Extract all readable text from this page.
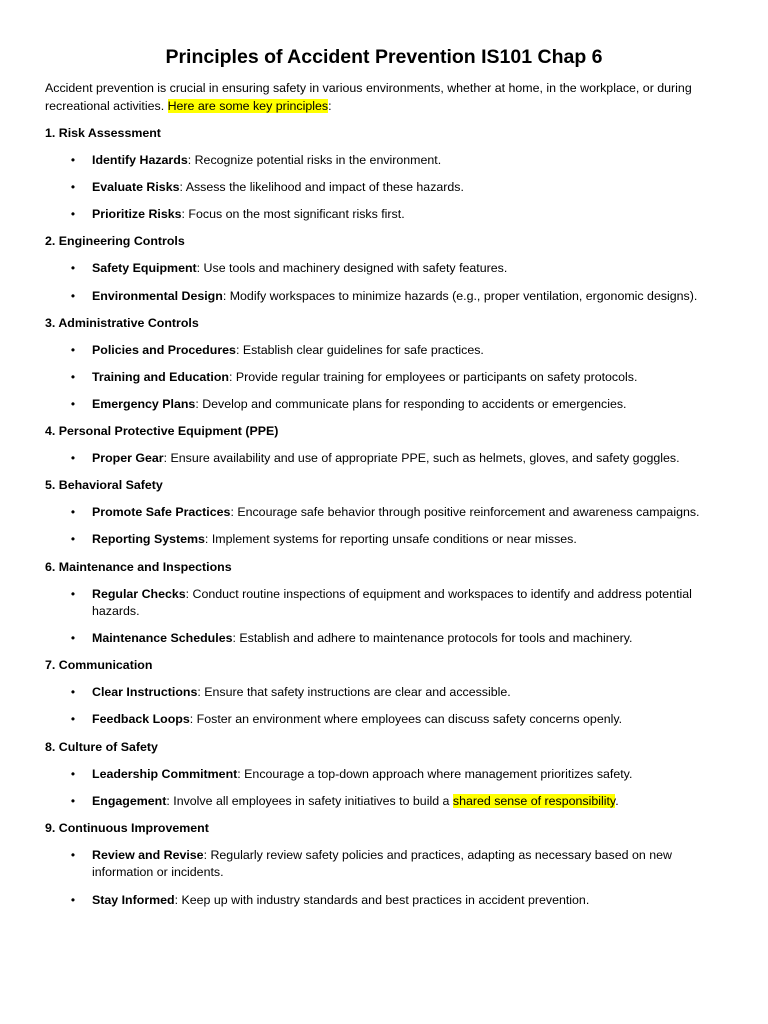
Principles of Accident Prevention IS101 Chap 6

Accident prevention is crucial in ensuring safety in various environments, whether at home, in the workplace, or during recreational activities. Here are some key principles:

1. Risk Assessment

• Identify Hazards: Recognize potential risks in the environment.
• Evaluate Risks: Assess the likelihood and impact of these hazards.
• Prioritize Risks: Focus on the most significant risks first.

2. Engineering Controls

• Safety Equipment: Use tools and machinery designed with safety features.
• Environmental Design: Modify workspaces to minimize hazards (e.g., proper ventilation, ergonomic designs).

3. Administrative Controls

• Policies and Procedures: Establish clear guidelines for safe practices.
• Training and Education: Provide regular training for employees or participants on safety protocols.
• Emergency Plans: Develop and communicate plans for responding to accidents or emergencies.

4. Personal Protective Equipment (PPE)

• Proper Gear: Ensure availability and use of appropriate PPE, such as helmets, gloves, and safety goggles.

5. Behavioral Safety

• Promote Safe Practices: Encourage safe behavior through positive reinforcement and awareness campaigns.
• Reporting Systems: Implement systems for reporting unsafe conditions or near misses.

6. Maintenance and Inspections

• Regular Checks: Conduct routine inspections of equipment and workspaces to identify and address potential hazards.
• Maintenance Schedules: Establish and adhere to maintenance protocols for tools and machinery.

7. Communication

• Clear Instructions: Ensure that safety instructions are clear and accessible.
• Feedback Loops: Foster an environment where employees can discuss safety concerns openly.

8. Culture of Safety

• Leadership Commitment: Encourage a top-down approach where management prioritizes safety.
• Engagement: Involve all employees in safety initiatives to build a shared sense of responsibility.

9. Continuous Improvement

• Review and Revise: Regularly review safety policies and practices, adapting as necessary based on new information or incidents.
• Stay Informed: Keep up with industry standards and best practices in accident prevention.
